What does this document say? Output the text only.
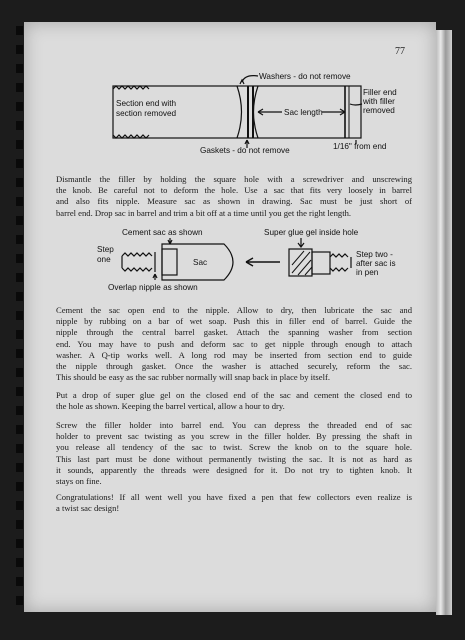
77
Washers - do not remove
Section end with
section removed	Sac length
Filler end
with filler
removed
Gaskets - do not remove	1/16" from end
Dismantle the filler by holding the square hole with a screwdriver and unscrewing
the knob. Be careful not to deform the hole. Use a sac that fits very loosely in barrel
and also fits nipple. Measure sac as shown in drawing. Sac must be just short of
barrel end. Drop sac in barrel and trim a bit off at a time until you get the right length.
Cement sac as shown	Super glue gel inside hole
Step
one	Sac
Step two -
after sac is
in pen
Overlap nipple as shown
Cement the sac open end to the nipple. Allow to dry, then lubricate the sac and
nipple by rubbing on a bar of wet soap. Push this in filler end of barrel. Guide the
nipple through the central barrel gasket. Attach the spanning washer from section
end. You may have to push and deform sac to get nipple through enough to attach
washer. A Q-tip works well. A long rod may be inserted from section end to guide
the nipple through gasket. Once the washer is attached securely, reform the sac.
This should be easy as the sac rubber normally will snap back in place by itself.
Put a drop of super glue gel on the closed end of the sac and cement the closed end to
the hole as shown. Keeping the barrel vertical, allow a hour to dry.
Screw the filler holder into barrel end. You can depress the threaded end of sac
holder to prevent sac twisting as you screw in the filler holder. By pressing the shaft in
you release all tendency of the sac to twist. Screw the knob on to the square hole.
This last part must be done without permanently twisting the sac. It is not as hard as
it sounds, apparently the threads were designed for it. Do not try to tighten knob. It
stays on fine.
Congratulations! If all went well you have fixed a pen that few collectors even realize is
a twist sac design!
